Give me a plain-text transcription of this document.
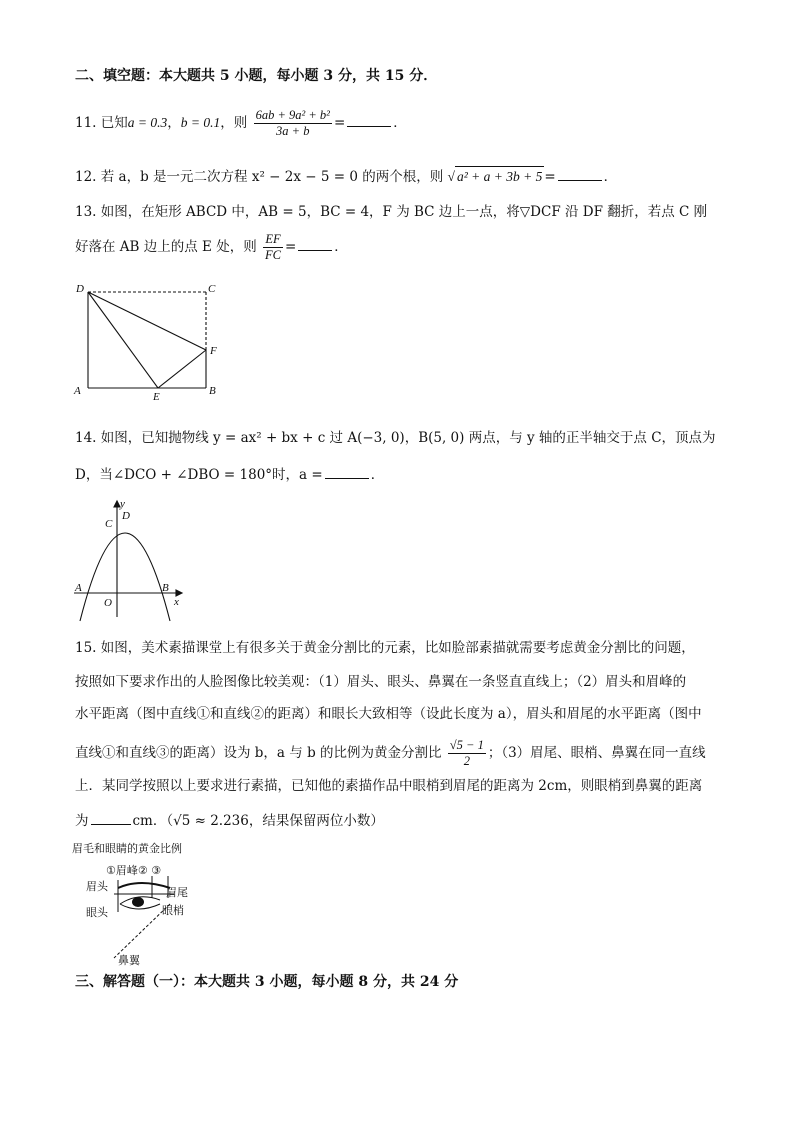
二、填空题：本大题共 5 小题，每小题 3 分，共 15 分．
11. 已知a = 0.3，b = 0.1，则 $\frac{\text{6ab + 9a² + b²}}{3a + b}$ =	．
12. 若 a，b 是一元二次方程 x² − 2x − 5 = 0 的两个根，则 √ a² + a + 3b + 5 =	．
13. 如图，在矩形 ABCD 中，AB = 5，BC = 4，F 为 BC 边上一点，将▽DCF 沿 DF 翻折，若点 C 刚
好落在 AB 边上的点 E 处，则 $\frac{EF}{FC}$ =	．
D	C
F
A	E	B
14. 如图，已知抛物线 y = ax² + bx + c 过 A(−3, 0)，B(5, 0) 两点，与 y 轴的正半轴交于点 C，顶点为
D，当∠DCO + ∠DBO = 180°时，a =	．
y
C
D
A
O
B
x
15. 如图，美术素描课堂上有很多关于黄金分割比的元素，比如脸部素描就需要考虑黄金分割比的问题，
按照如下要求作出的人脸图像比较美观：（1）眉头、眼头、鼻翼在一条竖直直线上；（2）眉头和眉峰的
水平距离（图中直线①和直线②的距离）和眼长大致相等（设此长度为 a），眉头和眉尾的水平距离（图中
直线①和直线③的距离）设为 b，a 与 b 的比例为黄金分割比 $\frac{√5 - 1}{2}$ ；（3）眉尾、眼梢、鼻翼在同一直线
上．某同学按照以上要求进行素描，已知他的素描作品中眼梢到眉尾的距离为 2cm，则眼梢到鼻翼的距离
为	cm．（√5 ≈ 2.236，结果保留两位小数）
眉毛和眼睛的黄金比例
①眉峰② ③
眉头	眉尾
眼头	眼梢
鼻翼
三、解答题（一）：本大题共 3 小题，每小题 8 分，共 24 分
